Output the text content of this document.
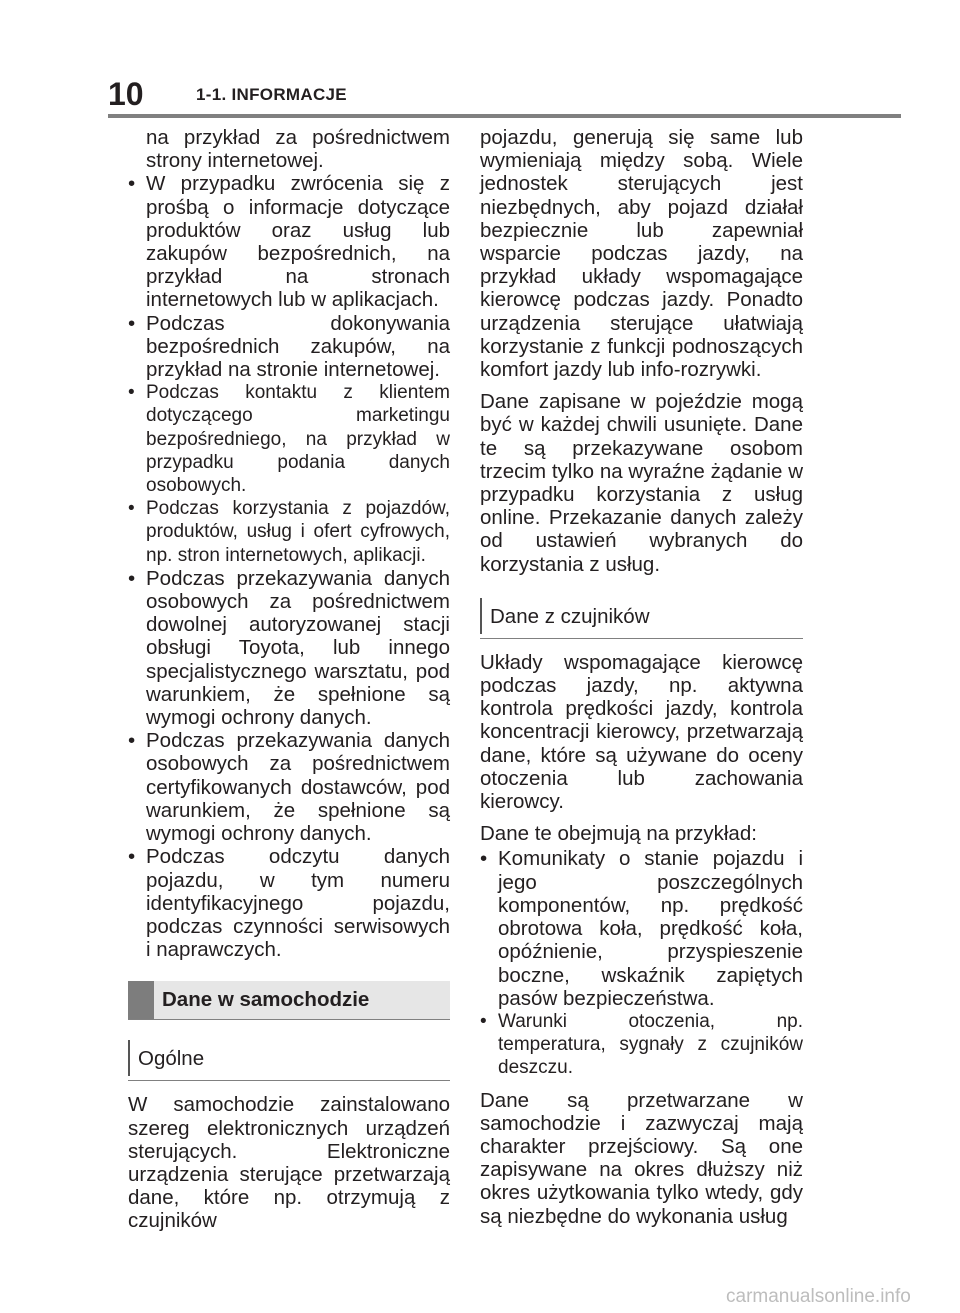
10	1-1. INFORMACJE

na przykład za pośrednictwem strony internetowej.

• W przypadku zwrócenia się z prośbą o informacje dotyczące produktów oraz usług lub zakupów bezpośrednich, na przykład na stronach internetowych lub w aplikacjach.
• Podczas dokonywania bezpośrednich zakupów, na przykład na stronie internetowej.
• Podczas kontaktu z klientem dotyczącego marketingu bezpośredniego, na przykład w przypadku podania danych osobowych.
• Podczas korzystania z pojazdów, produktów, usług i ofert cyfrowych, np. stron internetowych, aplikacji.
• Podczas przekazywania danych osobowych za pośrednictwem dowolnej autoryzowanej stacji obsługi Toyota, lub innego specjalistycznego warsztatu, pod warunkiem, że spełnione są wymogi ochrony danych.
• Podczas przekazywania danych osobowych za pośrednictwem certyfikowanych dostawców, pod warunkiem, że spełnione są wymogi ochrony danych.
• Podczas odczytu danych pojazdu, w tym numeru identyfikacyjnego pojazdu, podczas czynności serwisowych i naprawczych.
Dane w samochodzie
Ogólne

W samochodzie zainstalowano szereg elektronicznych urządzeń sterujących. Elektroniczne urządzenia sterujące przetwarzają dane, które np. otrzymują z czujników

pojazdu, generują się same lub wymieniają między sobą. Wiele jednostek sterujących jest niezbędnych, aby pojazd działał bezpiecznie lub zapewniał wsparcie podczas jazdy, na przykład układy wspomagające kierowcę podczas jazdy. Ponadto urządzenia sterujące ułatwiają korzystanie z funkcji podnoszących komfort jazdy lub info-rozrywki.

Dane zapisane w pojeździe mogą być w każdej chwili usunięte. Dane te są przekazywane osobom trzecim tylko na wyraźne żądanie w przypadku korzystania z usług online. Przekazanie danych zależy od ustawień wybranych do korzystania z usług.

Dane z czujników

Układy wspomagające kierowcę podczas jazdy, np. aktywna kontrola prędkości jazdy, kontrola koncentracji kierowcy, przetwarzają dane, które są używane do oceny otoczenia lub zachowania kierowcy.

Dane te obejmują na przykład:

• Komunikaty o stanie pojazdu i jego poszczególnych komponentów, np. prędkość obrotowa koła, prędkość koła, opóźnienie, przyspieszenie boczne, wskaźnik zapiętych pasów bezpieczeństwa.
• Warunki otoczenia, np. temperatura, sygnały z czujników deszczu.

Dane są przetwarzane w samochodzie i zazwyczaj mają charakter przejściowy. Są one zapisywane na okres dłuższy niż okres użytkowania tylko wtedy, gdy są niezbędne do wykonania usług

carmanualsonline.info
